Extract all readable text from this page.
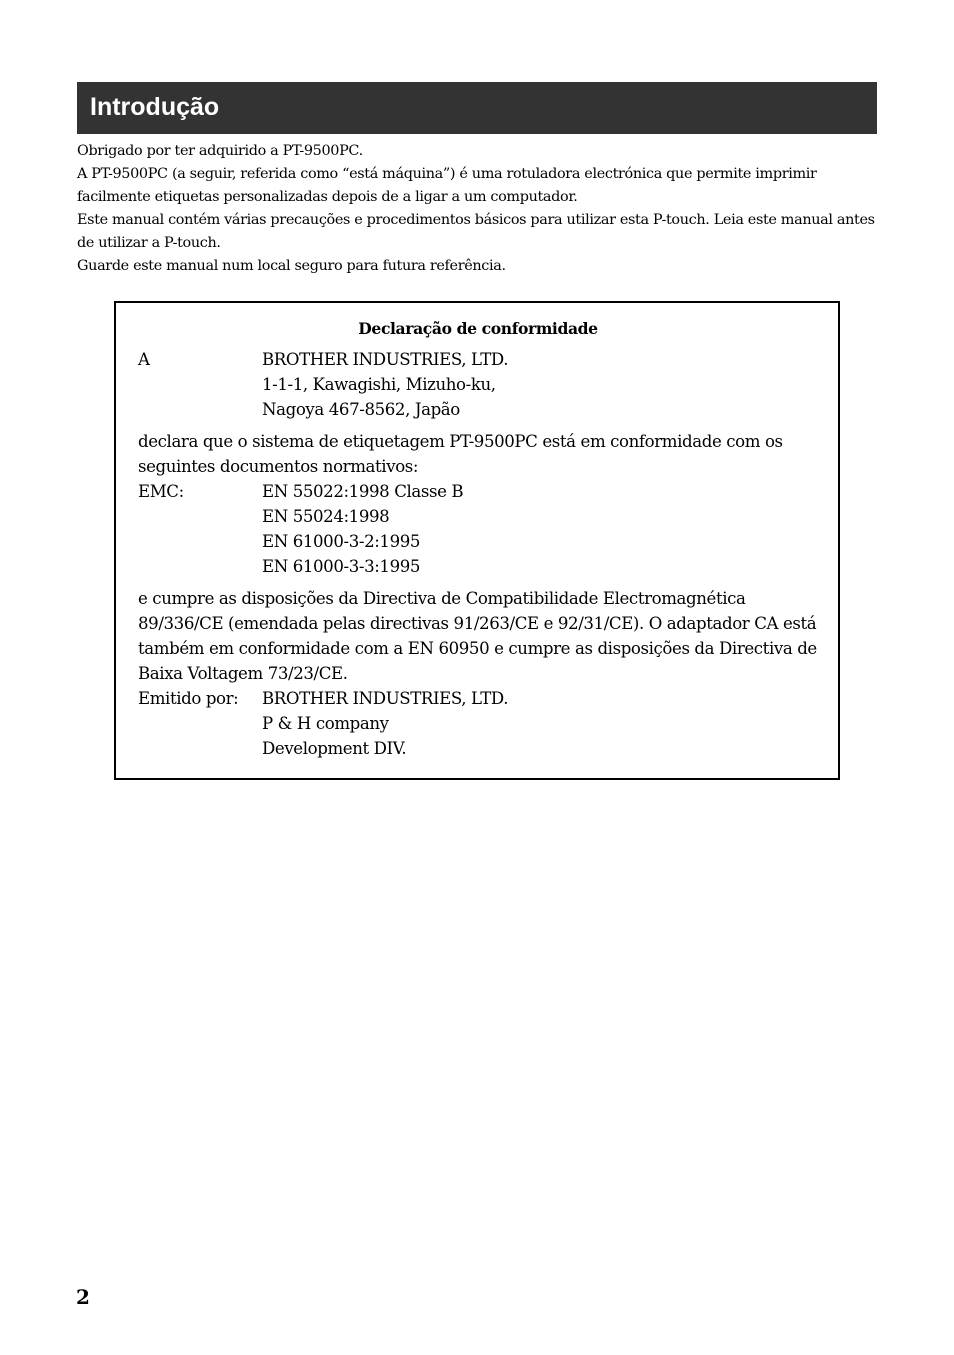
Introdução

Obrigado por ter adquirido a PT-9500PC.

A PT-9500PC (a seguir, referida como “está máquina”) é uma rotuladora electrónica que permite imprimir facilmente etiquetas personalizadas depois de a ligar a um computador.

Este manual contém várias precauções e procedimentos básicos para utilizar esta P-touch. Leia este manual antes de utilizar a P-touch.

Guarde este manual num local seguro para futura referência.

Declaração de conformidade
A	BROTHER INDUSTRIES, LTD.
1-1-1, Kawagishi, Mizuho-ku,
Nagoya 467-8562, Japão

declara que o sistema de etiquetagem PT-9500PC está em conformidade com os seguintes documentos normativos:

EMC:	EN 55022:1998 Classe B
EN 55024:1998
EN 61000-3-2:1995
EN 61000-3-3:1995

e cumpre as disposições da Directiva de Compatibilidade Electromagnética 89/336/CE (emendada pelas directivas 91/263/CE e 92/31/CE). O adaptador CA está também em conformidade com a EN 60950 e cumpre as disposições da Directiva de Baixa Voltagem 73/23/CE.

Emitido por:	BROTHER INDUSTRIES, LTD.
P & H company
Development DIV.
2
